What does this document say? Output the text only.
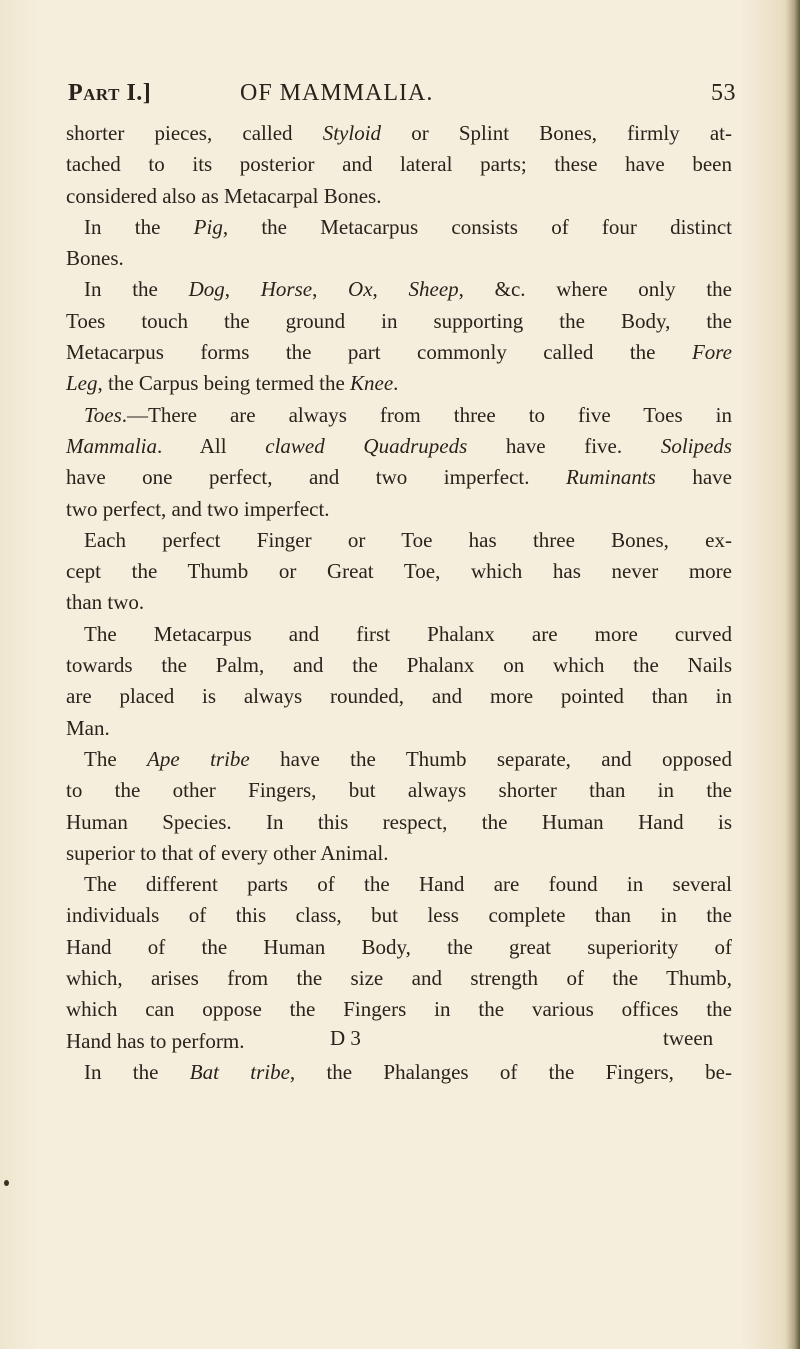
Part I.]	OF MAMMALIA.	53
shorter pieces, called Styloid or Splint Bones, firmly at-
tached to its posterior and lateral parts; these have been
considered also as Metacarpal Bones.
In the Pig, the Metacarpus consists of four distinct
Bones.
In the Dog, Horse, Ox, Sheep, &c. where only the
Toes touch the ground in supporting the Body, the
Metacarpus forms the part commonly called the Fore
Leg, the Carpus being termed the Knee.
Toes.—There are always from three to five Toes in
Mammalia. All clawed Quadrupeds have five. Solipeds
have one perfect, and two imperfect. Ruminants have
two perfect, and two imperfect.
Each perfect Finger or Toe has three Bones, ex-
cept the Thumb or Great Toe, which has never more
than two.
The Metacarpus and first Phalanx are more curved
towards the Palm, and the Phalanx on which the Nails
are placed is always rounded, and more pointed than in
Man.
The Ape tribe have the Thumb separate, and opposed
to the other Fingers, but always shorter than in the
Human Species. In this respect, the Human Hand is
superior to that of every other Animal.
The different parts of the Hand are found in several
individuals of this class, but less complete than in the
Hand of the Human Body, the great superiority of
which, arises from the size and strength of the Thumb,
which can oppose the Fingers in the various offices the
Hand has to perform.
In the Bat tribe, the Phalanges of the Fingers, be-
D 3	tween
